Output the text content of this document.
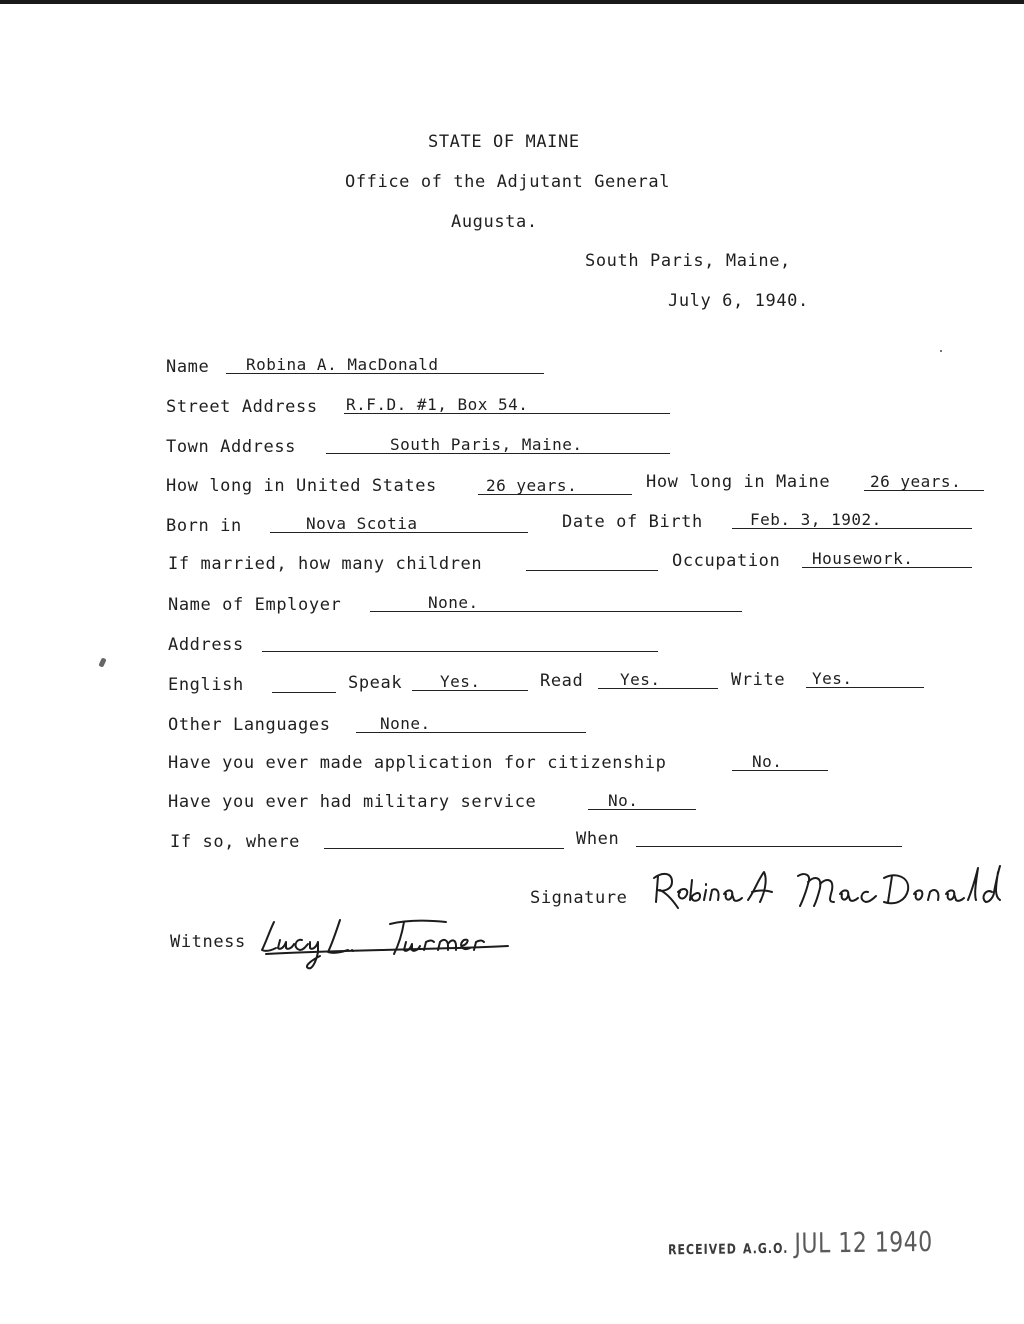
STATE OF MAINE
Office of the Adjutant General
Augusta.
South Paris, Maine,
July 6, 1940.
Name Robina A. MacDonald
Street Address R.F.D. #1, Box 54.
Town Address	South Paris, Maine.
How long in United States	26 years.	How long in Maine 26 years.
Born in	Nova Scotia	Date of Birth	Feb. 3, 1902.
If married, how many children	Occupation Housework.
Name of Employer	None.
Address
English	Speak Yes.	Read Yes.	Write Yes.
Other Languages	None.
Have you ever made application for citizenship	No.
Have you ever had military service	No.
If so, where	When
Signature
Witness
RECEIVED A.G.O. JUL 12 1940
